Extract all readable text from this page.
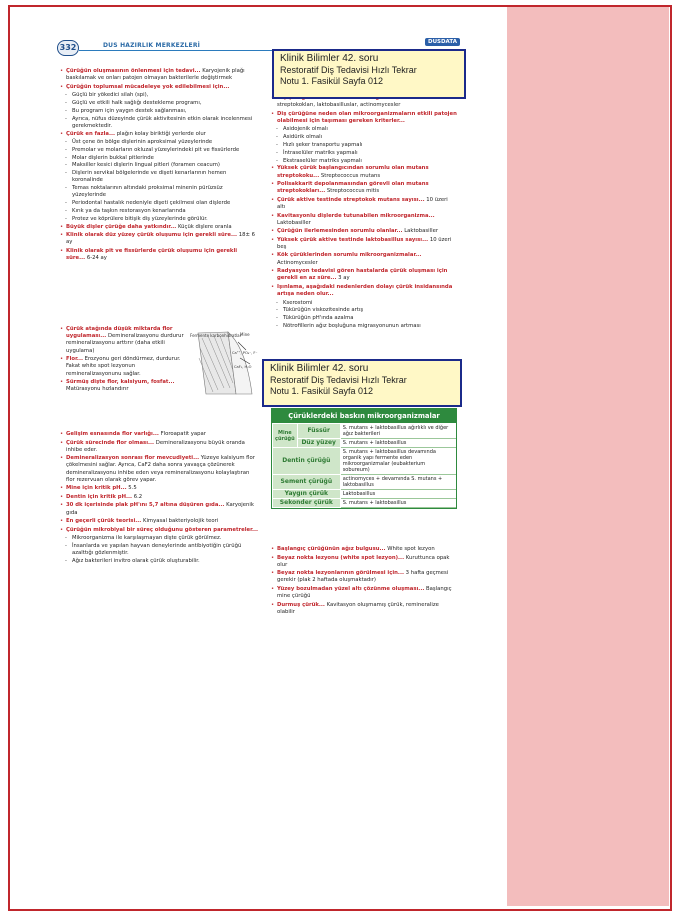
332	DUS HAZIRLIK MERKEZLERİ	DUSDATA
• Çürüğün oluşmasının önlenmesi için tedavi... Karyojenik plağı baskılamak ve onları patojen olmayan bakterilerle değiştirmek
• Çürüğün toplumsal mücadeleye yok edilebilmesi için...
- Güçlü bir yökedici silah (spi),
- Güçlü ve etkili halk sağlığı destekleme programı,
- Bu program için yaygın destek sağlanması,
- Ayrıca, nüfus düzeyinde çürük aktivitesinin etkin olarak incelenmesi gerekmektedir.
• Çürük en fazla... plağın kolay biriktiği yerlerde olur
- Üst çene ön bölge dişlerinin aproksimal yüzeylerinde
- Premolar ve molarların okluzal yüzeylerindeki pit ve fissürlerde
- Molar dişlerin bukkal pitlerinde
- Maksiller kesici dişlerin lingual pitleri (foramen ceacum)
- Dişlerin servikal bölgelerinde ve dişeti kenarlarının hemen koronalinde
- Temas noktalarının altındaki proksimal minenin pürüzsüz yüzeylerinde
- Periodontal hastalık nedeniyle dişeti çekilmesi olan dişlerde
- Kırık ya da taşkın restorasyon kenarlarında
- Protez ve köprülere bitişik diş yüzeylerinde görülür.
• Büyük dişler çürüğe daha yatkındır... Küçük dişlere oranla
• Klinik olarak düz yüzey çürük oluşumu için gerekli süre... 18± 6 ay
• Klinik olarak pit ve fissürlerde çürük oluşumu için gerekli süre... 6-24 ay
• Çürük atağında düşük miktarda flor uygulaması... Demineralizasyonu durdurur remineralizasyonu arttırır (daha etkili uygulama)
• Flor... Erozyonu geri döndürmez, durdurur. Fakat white spot lezyonun remineralizasyonunu sağlar.
• Sürmüş dişte flor, kalsiyum, fosfat... Matürasyonu hızlandırır
• Gelişim esnasında flor varlığı... Floroapatit yapar
• Çürük sürecinde flor olması... Demineralizasyonu büyük oranda inhibe eder.
• Demineralizasyon sonrası flor mevcudiyeti... Yüzeye kalsiyum flor çökelmesini sağlar. Ayrıca, CaF2 daha sonra yavaşça çözünerek demineralizasyonu inhibe eden veya remineralizasyonu kolaylaştıran flor rezervuarı olarak görev yapar.
• Mine için kritik pH... 5.5
• Dentin için kritik pH... 6.2
• 30 dk içerisinde plak pH'ını 5,7 altına düşüren gıda... Karyojenik gıda
• En geçerli çürük teorisi... Kimyasal bakteriyolojik teori
• Çürüğün mikrobiyal bir süreç olduğunu gösteren parametreler...
- Mikroorganizma ile karşılaşmayan dişte çürük görülmez.
- İnsanlarda ve yapılan hayvan deneylerinde antibiyotiğin çürüğü azalttığı gözlenmiştir.
- Ağız bakterileri invitro olarak çürük oluşturabilir.
Fermente karbonhidratlar
Mine
Ca⁺⁺, PO₄⁻, F⁻
CaF₂, H₂O
• streptokokları, laktobasilluslar, actinomycesler
• Diş çürüğüne neden olan mikroorganizmaların etkili patojen olabilmesi için taşıması gereken kriterler...
- Asidojenik olmalı
- Asidürik olmalı
- Hızlı şeker transportu yapmalı
- İntraselüler matriks yapmalı
- Ekstraselüler matriks yapmalı
• Yüksek çürük başlangıcından sorumlu olan mutans streptokoku... Streptecoccus mutans
• Polisakkarit depolanmasından görevli olan mutans streptokokları... Streptococcus mitis
• Çürük aktive testinde streptokok mutans sayısı... 10 üzeri altı
• Kavitasyonlu dişlerde tutunabilen mikroorganizma... Laktobasiller
• Çürüğün ilerlemesinden sorumlu olanlar... Laktobasiller
• Yüksek çürük aktive testinde laktobasillus sayısı... 10 üzeri beş
• Kök çürüklerinden sorumlu mikroorganizmalar... Actinomycesler
• Radyasyon tedavisi gören hastalarda çürük oluşması için gerekli en az süre... 3 ay
• Işınlama, aşağıdaki nedenlerden dolayı çürük insidansında artışa neden olur...
- Kserostomi
- Tükürüğün viskozitesinde artış
- Tükürüğün pH'ında azalma
- Nötrofillerin ağız boşluğuna migrasyonunun artması
Klinik Bilimler 42. soru
Restoratif Diş Tedavisi Hızlı Tekrar
Notu 1. Fasikül Sayfa 012
Klinik Bilimler 42. soru
Restoratif Diş Tedavisi Hızlı Tekrar
Notu 1. Fasikül Sayfa 012
Çürüklerdeki baskın mikroorganizmalar
Mine çürüğü	Füssür	S. mutans + laktobasillus ağırlıklı ve diğer ağız bakterileri
	Düz yüzey	S. mutans + laktobasillus
Dentin çürüğü		S. mutans + laktobasillus devamında organik yapı fermente eden mikroorganizmalar (eubakterium sobureum)
Sement çürüğü		actinomyces + devamında S. mutans + laktobasillus
Yaygın çürük		Laktobasillus
Sekonder çürük		S. mutans + laktobasillus
• Başlangıç çürüğünün ağız bulgusu... White spot lezyon
• Beyaz nokta lezyonu (white spot lezyon)... Kuruttunca opak olur
• Beyaz nokta lezyonlarının görülmesi için... 3 hafta geçmesi gerekir (plak 2 haftada oluşmaktadır)
• Yüzey bozulmadan yüzel altı çözünme oluşması... Başlangıç mine çürüğü
• Durmuş çürük... Kavitasyon oluşmamış çürük, remineralize olabilir
